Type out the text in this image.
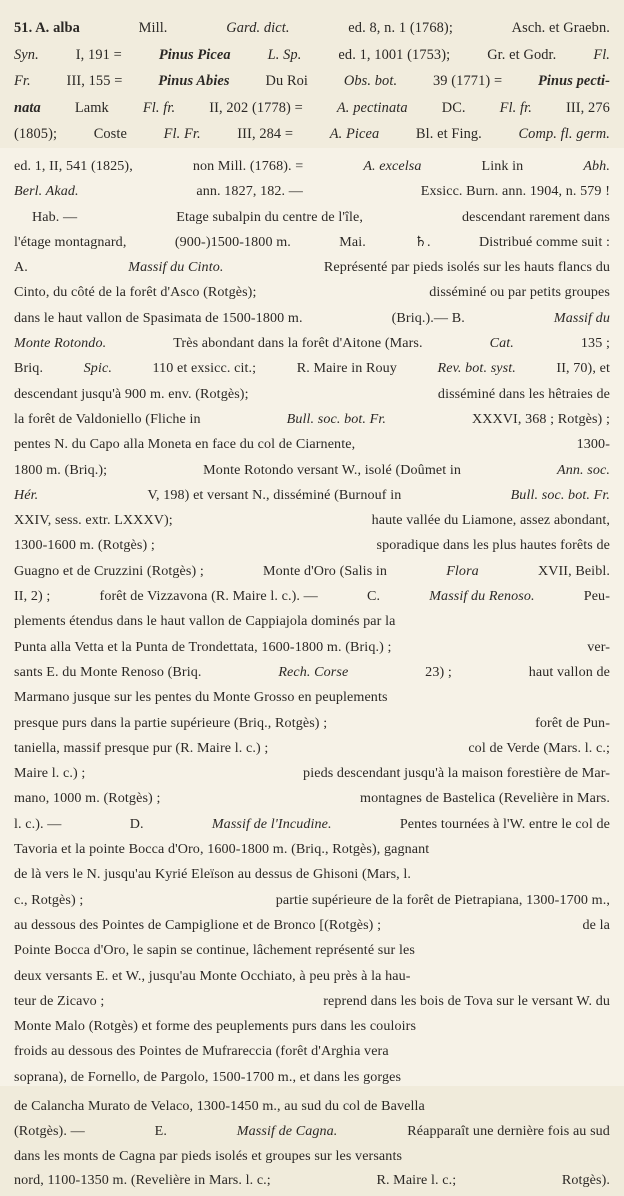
51. A. alba	Mill.	Gard. dict.	ed. 8, n. 1 (1768);	Asch. et Graebn.
Syn.	I, 191 =	Pinus Picea	L. Sp.	ed. 1, 1001 (1753);	Gr. et Godr.	Fl.
Fr. III, 155 = Pinus Abies Du Roi Obs. bot. 39 (1771) = Pinus pecti-
nata Lamk Fl. fr. II, 202 (1778) = A. pectinata DC. Fl. fr. III, 276
(1805);	Coste	Fl. Fr.	III, 284 =	A. Picea	Bl. et Fing.	Comp. fl. germ.
ed. 1, II, 541 (1825),	non Mill. (1768). =	A. excelsa	Link in	Abh.
Berl. Akad.	ann. 1827, 182. —	Exsicc. Burn. ann. 1904, n. 579 !
Hab. —	Etage subalpin du centre de l'île,	descendant rarement dans
l'étage montagnard,	(900-)1500-1800 m.	Mai.	♄.	Distribué comme suit :
A.	Massif du Cinto.	Représenté par pieds isolés sur les hauts flancs du
Cinto, du côté de la forêt d'Asco (Rotgès);	disséminé ou par petits groupes
dans le haut vallon de Spasimata de 1500-1800 m.	(Briq.).— B.	Massif du
Monte Rotondo.	Très abondant dans la forêt d'Aitone (Mars.	Cat.	135 ;
Briq.	Spic.	110 et exsicc. cit.;	R. Maire in Rouy	Rev. bot. syst.	II, 70), et
descendant jusqu'à 900 m. env. (Rotgès);	disséminé dans les hêtraies de
la forêt de Valdoniello (Fliche in	Bull. soc. bot. Fr.	XXXVI, 368 ; Rotgès) ;
pentes N. du Capo alla Moneta en face du col de Ciarnente,	1300-
1800 m. (Briq.);	Monte Rotondo versant W., isolé (Doûmet in	Ann. soc.
Hér.	V, 198) et versant N., disséminé (Burnouf in	Bull. soc. bot. Fr.
XXIV, sess. extr. LXXXV);	haute vallée du Liamone, assez abondant,
1300-1600 m. (Rotgès) ;	sporadique dans les plus hautes forêts de
Guagno et de Cruzzini (Rotgès) ;	Monte d'Oro (Salis in	Flora	XVII, Beibl.
II, 2) ;	forêt de Vizzavona (R. Maire l. c.). —	C.	Massif du Renoso.	Peu-
plements étendus dans le haut vallon de Cappiajola dominés par la
Punta alla Vetta et la Punta de Trondettata, 1600-1800 m. (Briq.) ;	ver-
sants E. du Monte Renoso (Briq.	Rech. Corse	23) ;	haut vallon de
Marmano jusque sur les pentes du Monte Grosso en peuplements
presque purs dans la partie supérieure (Briq., Rotgès) ;	forêt de Pun-
taniella, massif presque pur (R. Maire l. c.) ;	col de Verde (Mars. l. c.;
Maire l. c.) ;	pieds descendant jusqu'à la maison forestière de Mar-
mano, 1000 m. (Rotgès) ;	montagnes de Bastelica (Revelière in Mars.
l. c.). —	D.	Massif de l'Incudine.	Pentes tournées à l'W. entre le col de
Tavoria et la pointe Bocca d'Oro, 1600-1800 m. (Briq., Rotgès), gagnant
de là vers le N. jusqu'au Kyrié Eleïson au dessus de Ghisoni (Mars, l.
c., Rotgès) ;	partie supérieure de la forêt de Pietrapiana, 1300-1700 m.,
au dessous des Pointes de Campiglione et de Bronco [(Rotgès) ;	de la
Pointe Bocca d'Oro, le sapin se continue, lâchement représenté sur les
deux versants E. et W., jusqu'au Monte Occhiato, à peu près à la hau-
teur de Zicavo ;	reprend dans les bois de Tova sur le versant W. du
Monte Malo (Rotgès) et forme des peuplements purs dans les couloirs
froids au dessous des Pointes de Mufrareccia (forêt d'Arghia vera
soprana), de Fornello, de Pargolo, 1500-1700 m., et dans les gorges
de Calancha Murato de Velaco, 1300-1450 m., au sud du col de Bavella
(Rotgès). —	E.	Massif de Cagna.	Réapparaît une dernière fois au sud
dans les monts de Cagna par pieds isolés et groupes sur les versants
nord, 1100-1350 m. (Revelière in Mars. l. c.;	R. Maire l. c.;	Rotgès).
